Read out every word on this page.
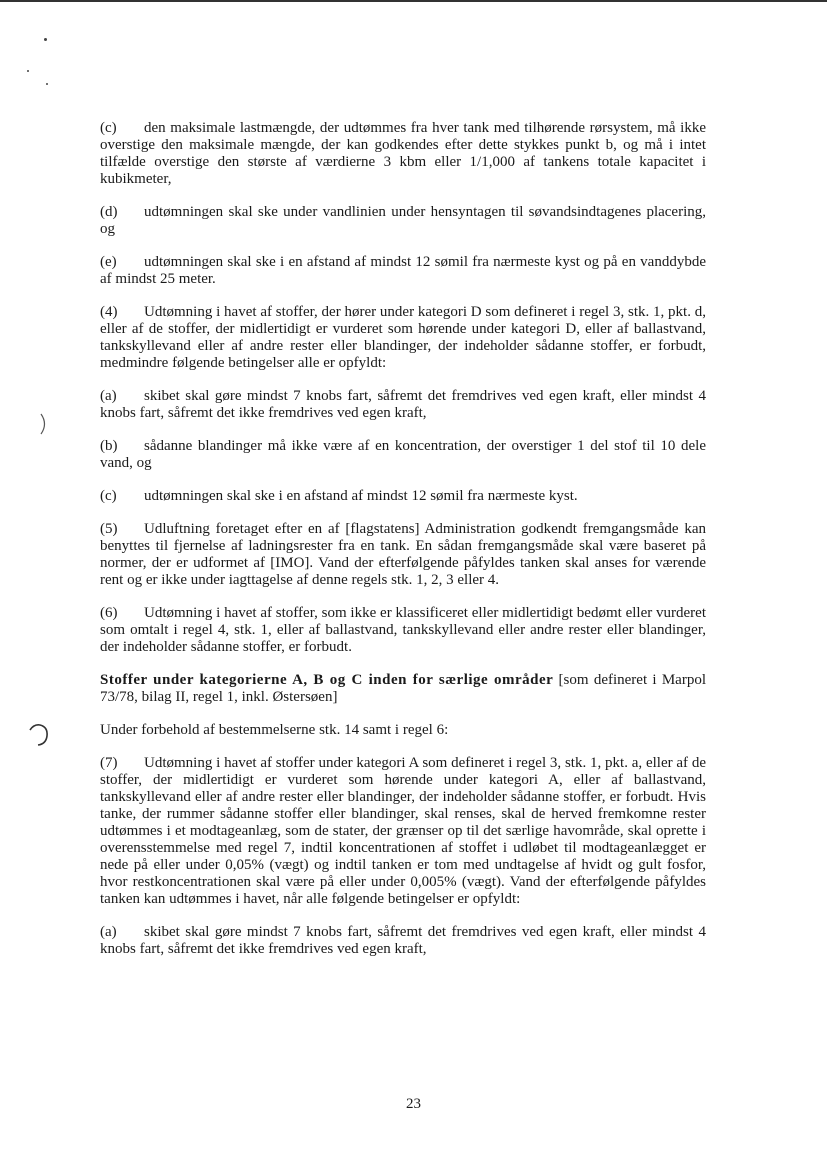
(c) den maksimale lastmængde, der udtømmes fra hver tank med tilhørende rørsystem, må ikke overstige den maksimale mængde, der kan godkendes efter dette stykkes punkt b, og må i intet tilfælde overstige den største af værdierne 3 kbm eller 1/1,000 af tankens totale kapacitet i kubikmeter,

(d) udtømningen skal ske under vandlinien under hensyntagen til søvandsindtagenes placering, og

(e) udtømningen skal ske i en afstand af mindst 12 sømil fra nærmeste kyst og på en vanddybde af mindst 25 meter.

(4) Udtømning i havet af stoffer, der hører under kategori D som defineret i regel 3, stk. 1, pkt. d, eller af de stoffer, der midlertidigt er vurderet som hørende under kategori D, eller af ballastvand, tankskyllevand eller af andre rester eller blandinger, der indeholder sådanne stoffer, er forbudt, medmindre følgende betingelser alle er opfyldt:

(a) skibet skal gøre mindst 7 knobs fart, såfremt det fremdrives ved egen kraft, eller mindst 4 knobs fart, såfremt det ikke fremdrives ved egen kraft,

(b) sådanne blandinger må ikke være af en koncentration, der overstiger 1 del stof til 10 dele vand, og

(c) udtømningen skal ske i en afstand af mindst 12 sømil fra nærmeste kyst.

(5) Udluftning foretaget efter en af [flagstatens] Administration godkendt fremgangsmåde kan benyttes til fjernelse af ladningsrester fra en tank. En sådan fremgangsmåde skal være baseret på normer, der er udformet af [IMO]. Vand der efterfølgende påfyldes tanken skal anses for værende rent og er ikke under iagttagelse af denne regels stk. 1, 2, 3 eller 4.

(6) Udtømning i havet af stoffer, som ikke er klassificeret eller midlertidigt bedømt eller vurderet som omtalt i regel 4, stk. 1, eller af ballastvand, tankskyllevand eller andre rester eller blandinger, der indeholder sådanne stoffer, er forbudt.

Stoffer under kategorierne A, B og C inden for særlige områder [som defineret i Marpol 73/78, bilag II, regel 1, inkl. Østersøen]

Under forbehold af bestemmelserne stk. 14 samt i regel 6:

(7) Udtømning i havet af stoffer under kategori A som defineret i regel 3, stk. 1, pkt. a, eller af de stoffer, der midlertidigt er vurderet som hørende under kategori A, eller af ballastvand, tankskyllevand eller af andre rester eller blandinger, der indeholder sådanne stoffer, er forbudt. Hvis tanke, der rummer sådanne stoffer eller blandinger, skal renses, skal de herved fremkomne rester udtømmes i et modtageanlæg, som de stater, der grænser op til det særlige havområde, skal oprette i overensstemmelse med regel 7, indtil koncentrationen af stoffet i udløbet til modtageanlægget er nede på eller under 0,05% (vægt) og indtil tanken er tom med undtagelse af hvidt og gult fosfor, hvor restkoncentrationen skal være på eller under 0,005% (vægt). Vand der efterfølgende påfyldes tanken kan udtømmes i havet, når alle følgende betingelser er opfyldt:

(a) skibet skal gøre mindst 7 knobs fart, såfremt det fremdrives ved egen kraft, eller mindst 4 knobs fart, såfremt det ikke fremdrives ved egen kraft,

23
